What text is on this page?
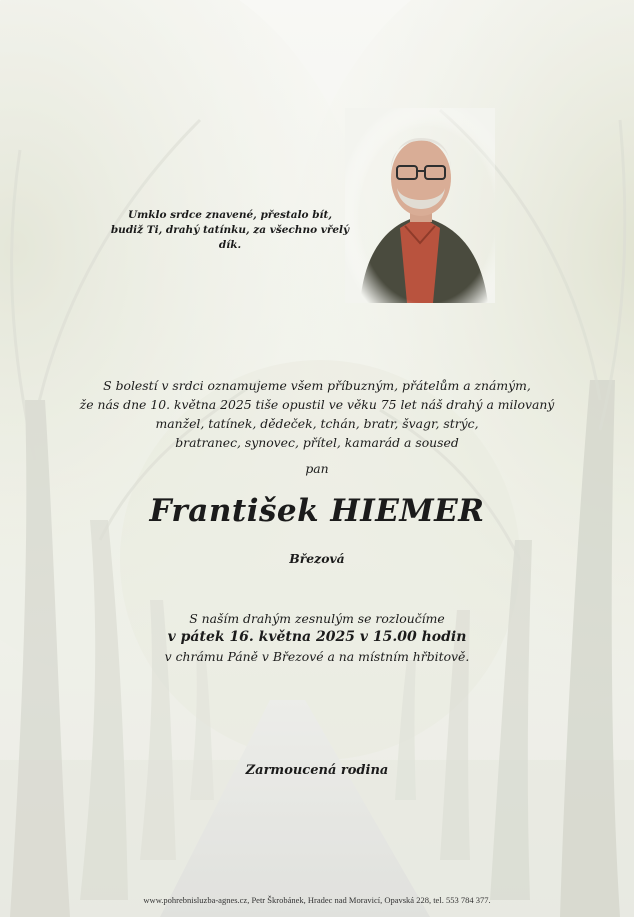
Umklo srdce znavené, přestalo bít,
budiž Ti, drahý tatínku, za všechno vřelý dík.
S bolestí v srdci oznamujeme všem příbuzným, přátelům a známým,
že nás dne 10. května 2025 tiše opustil ve věku 75 let náš drahý a milovaný
manžel, tatínek, dědeček, tchán, bratr, švagr, strýc,
bratranec, synovec, přítel, kamarád a soused
pan
František HIEMER
Březová
S naším drahým zesnulým se rozloučíme
v pátek 16. května 2025 v 15.00 hodin
v chrámu Páně v Březové a na místním hřbitově.
Zarmoucená rodina
www.pohrebnisluzba-agnes.cz, Petr Škrobánek, Hradec nad Moravicí, Opavská 228, tel. 553 784 377.
